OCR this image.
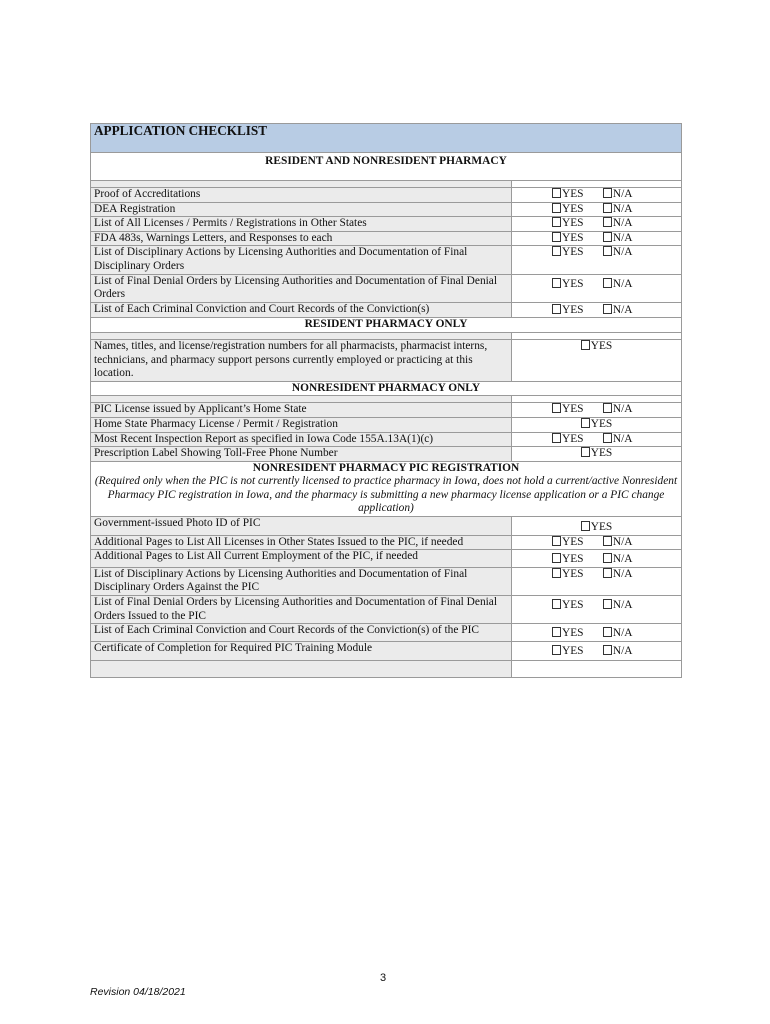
APPLICATION CHECKLIST	
RESIDENT AND NONRESIDENT PHARMACY	

Proof of Accreditations	YES N/A
DEA Registration	YES N/A
List of All Licenses / Permits / Registrations in Other States	YES N/A
FDA 483s, Warnings Letters, and Responses to each	YES N/A
List of Disciplinary Actions by Licensing Authorities and Documentation of Final Disciplinary Orders	YES N/A
List of Final Denial Orders by Licensing Authorities and Documentation of Final Denial Orders	YES N/A
List of Each Criminal Conviction and Court Records of the Conviction(s)	YES N/A
RESIDENT PHARMACY ONLY	

Names, titles, and license/registration numbers for all pharmacists, pharmacist interns, technicians, and pharmacy support persons currently employed or practicing at this location.	YES
NONRESIDENT PHARMACY ONLY	

PIC License issued by Applicant’s Home State	YES N/A
Home State Pharmacy License / Permit / Registration	YES
Most Recent Inspection Report as specified in Iowa Code 155A.13A(1)(c)	YES N/A
Prescription Label Showing Toll-Free Phone Number	YES
NONRESIDENT PHARMACY PIC REGISTRATION	
(Required only when the PIC is not currently licensed to practice pharmacy in Iowa, does not hold a current/active Nonresident Pharmacy PIC registration in Iowa, and the pharmacy is submitting a new pharmacy license application or a PIC change application)	
Government-issued Photo ID of PIC	YES
Additional Pages to List All Licenses in Other States Issued to the PIC, if needed	YES N/A
Additional Pages to List All Current Employment of the PIC, if needed	YES N/A
List of Disciplinary Actions by Licensing Authorities and Documentation of Final Disciplinary Orders Against the PIC	YES N/A
List of Final Denial Orders by Licensing Authorities and Documentation of Final Denial Orders Issued to the PIC	YES N/A
List of Each Criminal Conviction and Court Records of the Conviction(s) of the PIC	YES N/A
Certificate of Completion for Required PIC Training Module	YES N/A

3
Revision 04/18/2021
